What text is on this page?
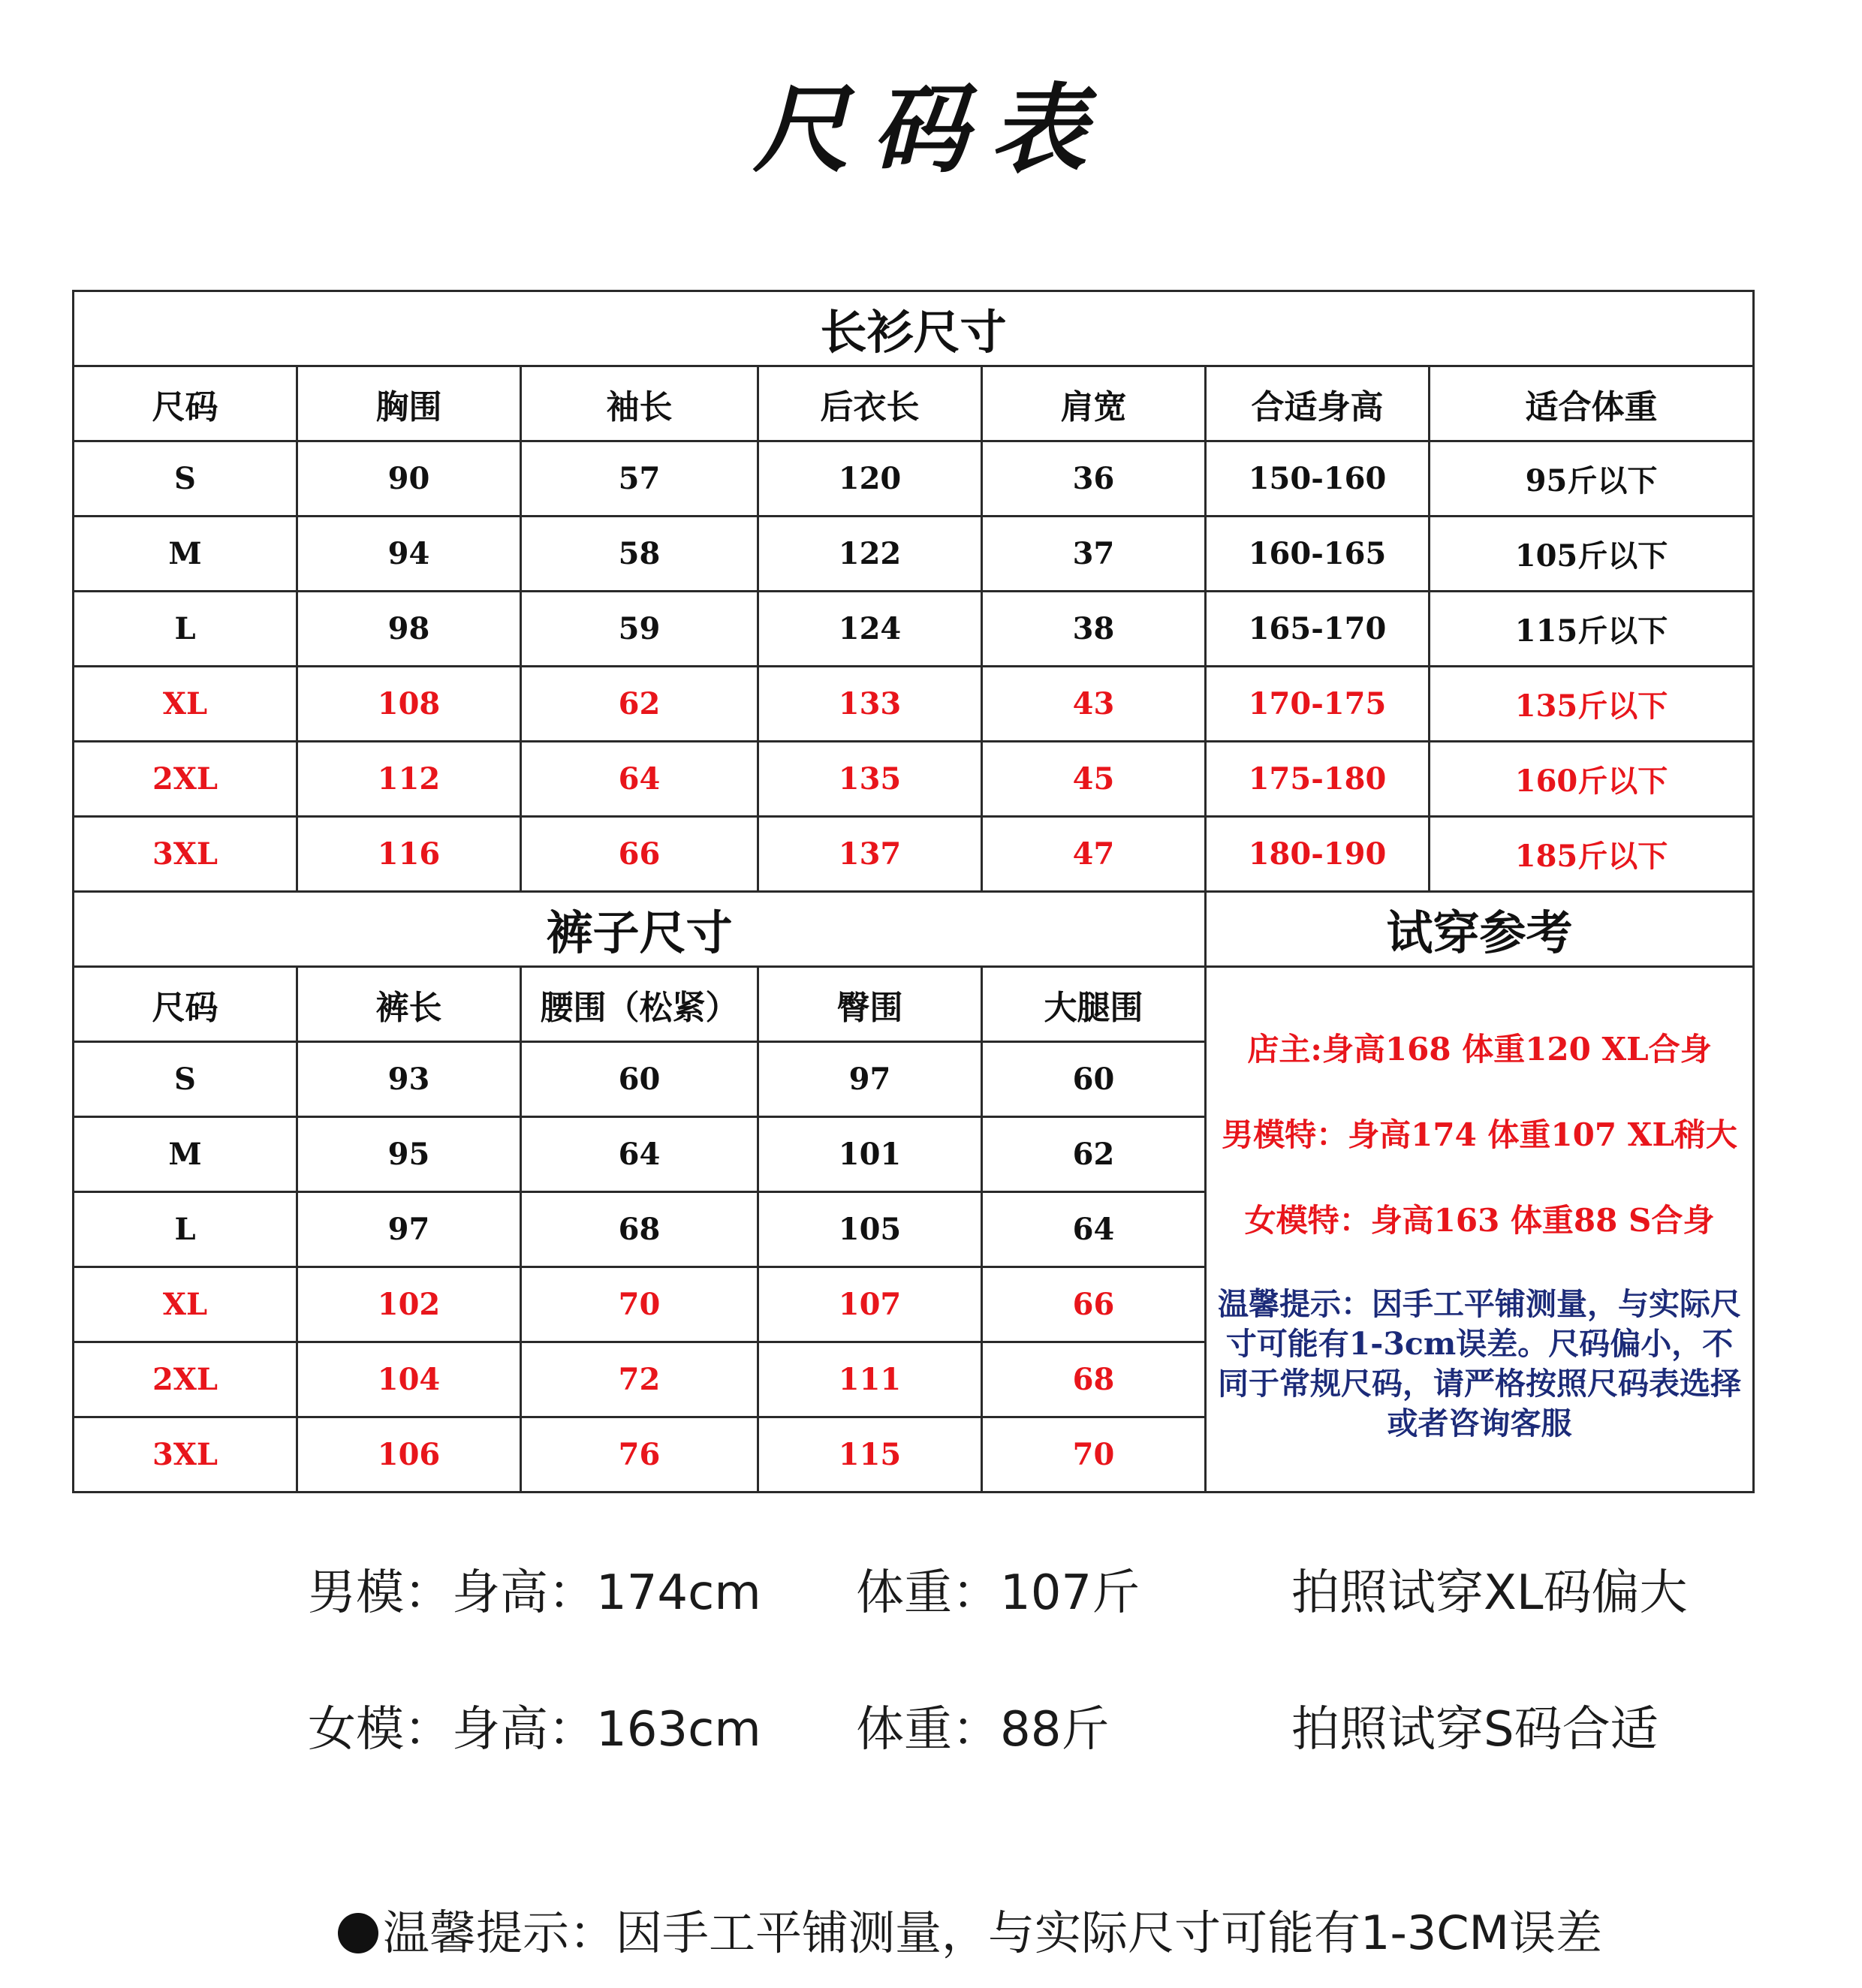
尺码表
长衫尺寸						
尺码	胸围	袖长	后衣长	肩宽	合适身高	适合体重
S	90	57	120	36	150-160	95斤以下
M	94	58	122	37	160-165	105斤以下
L	98	59	124	38	165-170	115斤以下
XL	108	62	133	43	170-175	135斤以下
2XL	112	64	135	45	175-180	160斤以下
3XL	116	66	137	47	180-190	185斤以下
裤子尺寸					试穿参考	
尺码	裤长	腰围（松紧）	臀围	大腿围	店主:身高168 体重120 XL合身
男模特：身高174 体重107 XL稍大
女模特：身高163 体重88 S合身
温馨提示：因手工平铺测量，与实际尺寸可能有1-3cm误差。尺码偏小，不同于常规尺码，请严格按照尺码表选择或者咨询客服	

S	93	60	97	60		
M	95	64	101	62		
L	97	68	105	64		
XL	102	70	107	66		
2XL	104	72	111	68		
3XL	106	76	115	70		
男模：身高：174cm 体重：107斤	拍照试穿XL码偏大
女模：身高：163cm 体重：88斤	拍照试穿S码合适
温馨提示：因手工平铺测量，与实际尺寸可能有1-3CM误差
